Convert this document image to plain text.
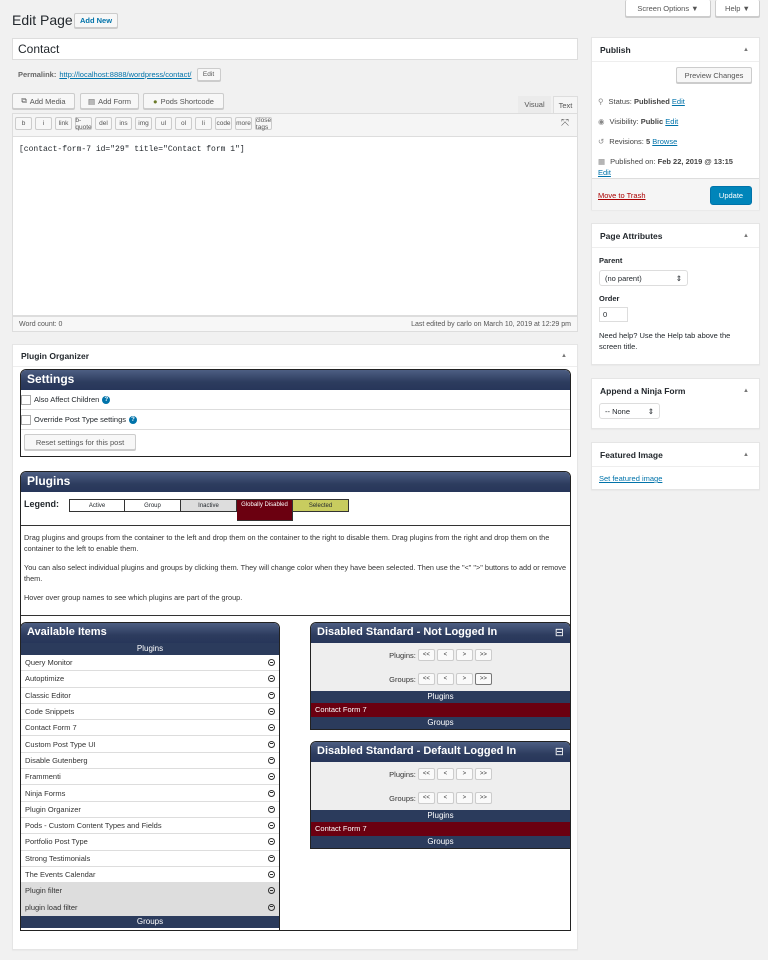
Edit Page Add New
Screen Options ▼	Help ▼
Contact
Permalink: http://localhost:8888/wordpress/contact/	Edit
⧉ Add Media	▤ Add Form	● Pods Shortcode	Visual	Text
b	i	link	b-quote	del	ins	img	ul	ol	li	code more close tags	⤧
[contact-form-7 id="29" title="Contact form 1"]
Word count: 0	Last edited by carlo on March 10, 2019 at 12:29 pm
Plugin Organizer	▲
Settings
Also Affect Children ?
Override Post Type settings ?
Reset settings for this post
Plugins
Legend:	Active	Group	Inactive	Globally Disabled	Selected

Drag plugins and groups from the container to the left and drop them on the container to the right to disable them. Drag plugins from the right and drop them on the container to the left to enable them.

You can also select individual plugins and groups by clicking them. They will change color when they have been selected. Then use the "<" ">" buttons to add or remove them.

Hover over group names to see which plugins are part of the group.

Available Items
Plugins
Query Monitor
Autoptimize
Classic Editor
Code Snippets
Contact Form 7
Custom Post Type UI
Disable Gutenberg
Frammenti
Ninja Forms
Plugin Organizer
Pods - Custom Content Types and Fields
Portfolio Post Type
Strong Testimonials
The Events Calendar
Plugin filter
plugin load filter
Groups
Disabled Standard - Not Logged In	⊟
Plugins:	<<	<	>	>>
Groups:	<<	<	>	>>
Plugins
Contact Form 7
Groups
Disabled Standard - Default Logged In	⊟
Plugins:	<<	<	>	>>
Groups:	<<	<	>	>>
Plugins
Contact Form 7
Groups
Publish	▲
Preview Changes
⚲ Status: Published Edit
◉ Visibility: Public Edit
↺ Revisions: 5 Browse
▦ Published on: Feb 22, 2019 @ 13:15
Edit
Move to Trash	Update
Page Attributes	▲
Parent
(no parent)	⇕
Order
0
Need help? Use the Help tab above the screen title.
Append a Ninja Form	▲
-- None ⇕
Featured Image	▲
Set featured image
